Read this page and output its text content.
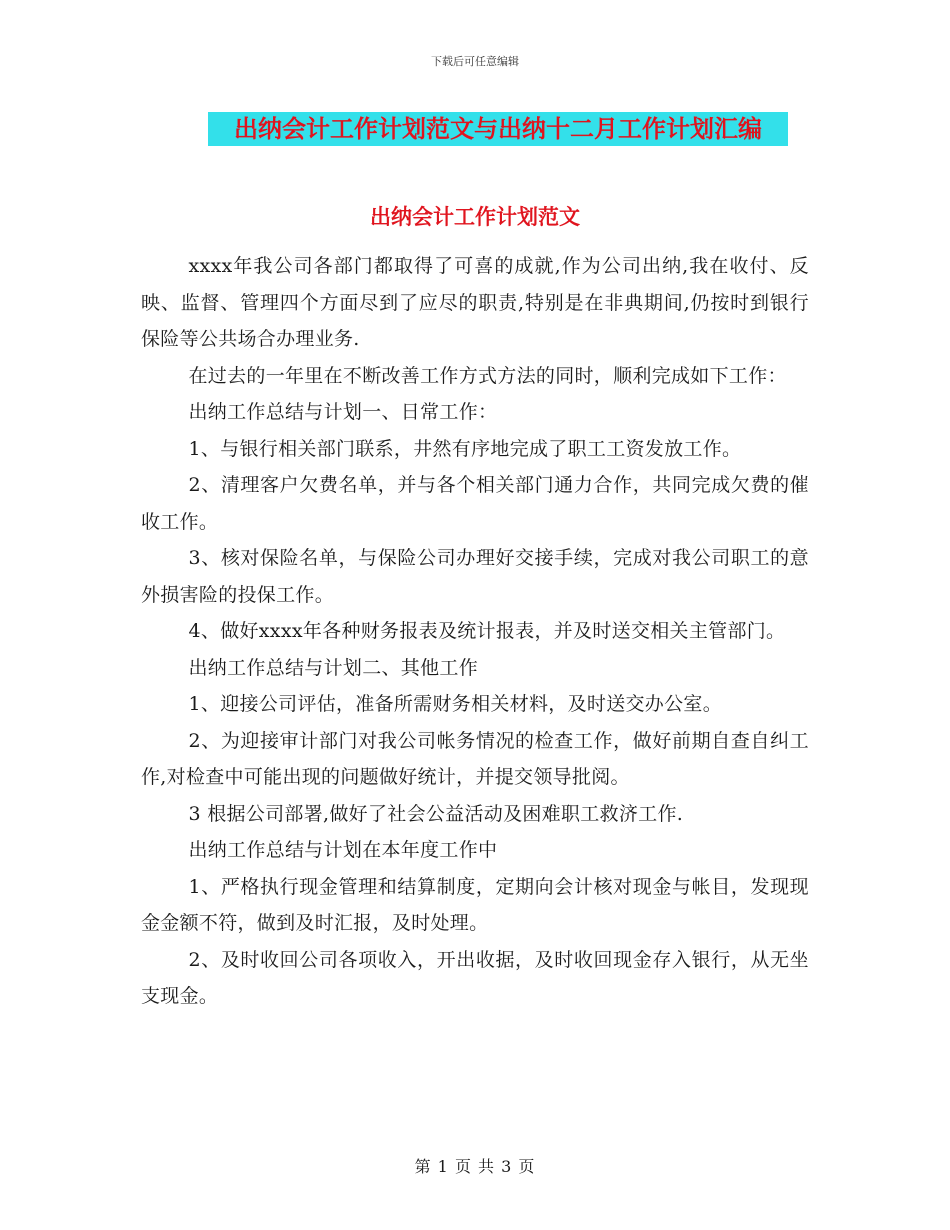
下载后可任意编辑
出纳会计工作计划范文与出纳十二月工作计划汇编
出纳会计工作计划范文

xxxx年我公司各部门都取得了可喜的成就,作为公司出纳,我在收付、反映、监督、管理四个方面尽到了应尽的职责,特别是在非典期间,仍按时到银行保险等公共场合办理业务.

在过去的一年里在不断改善工作方式方法的同时，顺利完成如下工作：

出纳工作总结与计划一、日常工作：

1、与银行相关部门联系，井然有序地完成了职工工资发放工作。

2、清理客户欠费名单，并与各个相关部门通力合作，共同完成欠费的催收工作。

3、核对保险名单，与保险公司办理好交接手续，完成对我公司职工的意外损害险的投保工作。

4、做好xxxx年各种财务报表及统计报表，并及时送交相关主管部门。

出纳工作总结与计划二、其他工作

1、迎接公司评估，准备所需财务相关材料，及时送交办公室。

2、为迎接审计部门对我公司帐务情况的检查工作，做好前期自查自纠工作,对检查中可能出现的问题做好统计，并提交领导批阅。

3 根据公司部署,做好了社会公益活动及困难职工救济工作.

出纳工作总结与计划在本年度工作中

1、严格执行现金管理和结算制度，定期向会计核对现金与帐目，发现现金金额不符，做到及时汇报，及时处理。

2、及时收回公司各项收入，开出收据，及时收回现金存入银行，从无坐支现金。

第 1 页 共 3 页
